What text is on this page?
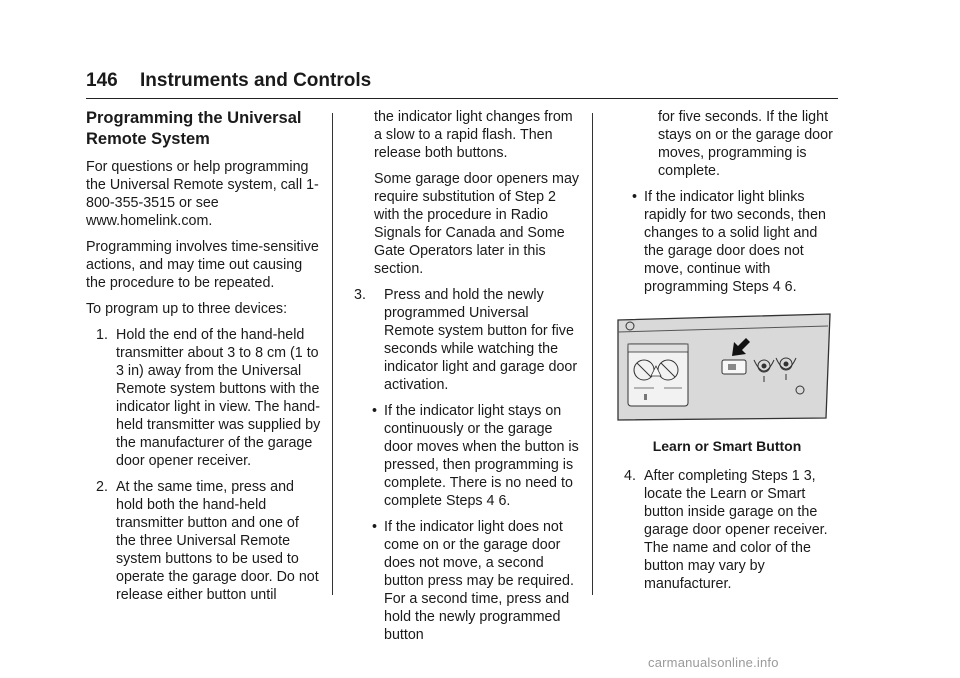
146 Instruments and Controls
Programming the Universal Remote System

For questions or help programming the Universal Remote system, call 1-800-355-3515 or see www.homelink.com.

Programming involves time-sensitive actions, and may time out causing the procedure to be repeated.

To program up to three devices:

1. Hold the end of the hand-held transmitter about 3 to 8 cm (1 to 3 in) away from the Universal Remote system buttons with the indicator light in view. The hand-held transmitter was supplied by the manufacturer of the garage door opener receiver.
2. At the same time, press and hold both the hand-held transmitter button and one of the three Universal Remote system buttons to be used to operate the garage door. Do not release either button until

the indicator light changes from a slow to a rapid flash. Then release both buttons.

Some garage door openers may require substitution of Step 2 with the procedure in Radio Signals for Canada and Some Gate Operators later in this section.

3. Press and hold the newly programmed Universal Remote system button for five seconds while watching the indicator light and garage door activation.
• If the indicator light stays on continuously or the garage door moves when the button is pressed, then programming is complete. There is no need to complete Steps 4 6.
• If the indicator light does not come on or the garage door does not move, a second button press may be required. For a second time, press and hold the newly programmed button

for five seconds. If the light stays on or the garage door moves, programming is complete.

• If the indicator light blinks rapidly for two seconds, then changes to a solid light and the garage door does not move, continue with programming Steps 4 6.
Learn or Smart Button
4. After completing Steps 1 3, locate the Learn or Smart button inside garage on the garage door opener receiver. The name and color of the button may vary by manufacturer.
carmanualsonline.info
